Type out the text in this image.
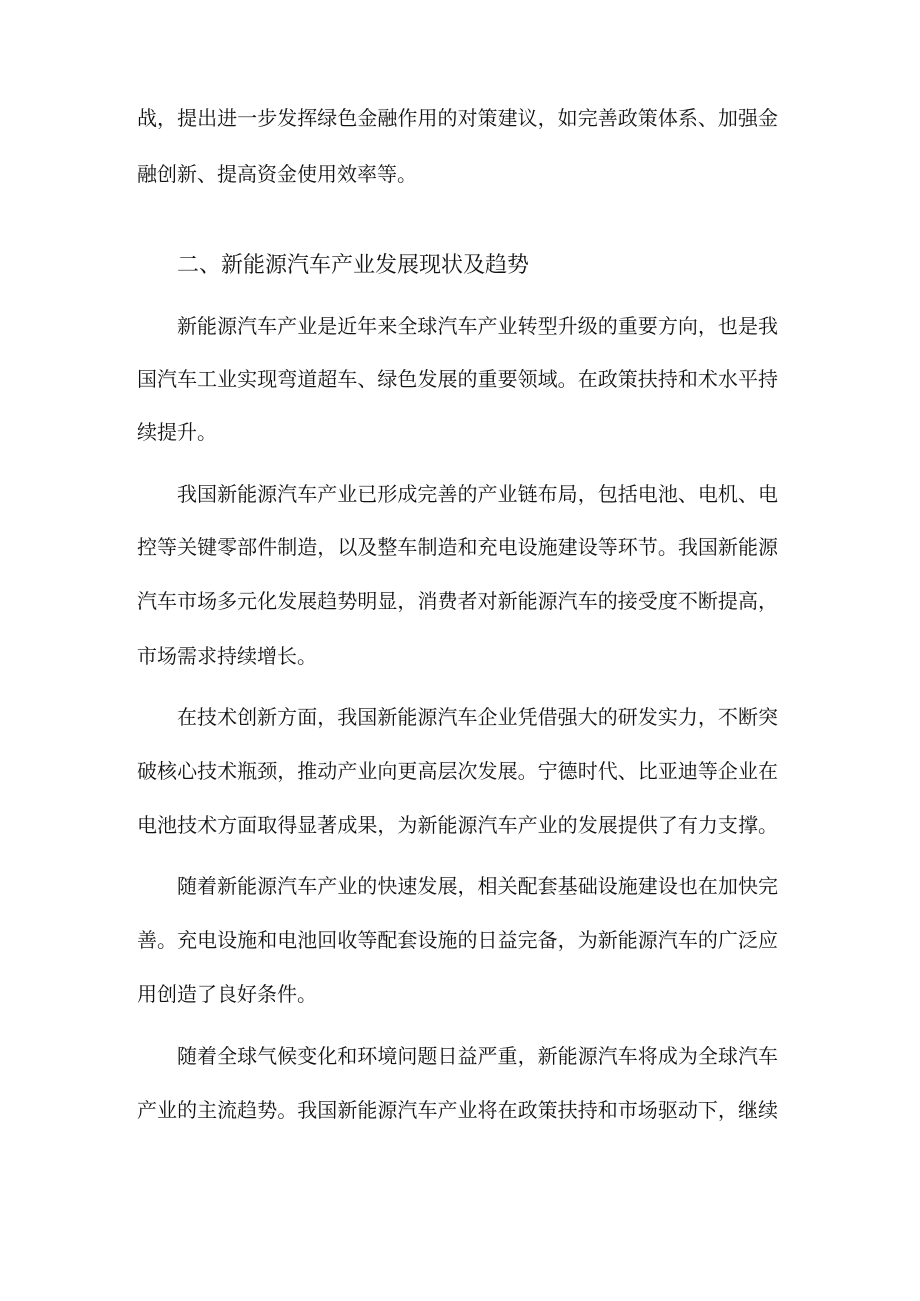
战，提出进一步发挥绿色金融作用的对策建议，如完善政策体系、加强金
融创新、提高资金使用效率等。
二、新能源汽车产业发展现状及趋势
新能源汽车产业是近年来全球汽车产业转型升级的重要方向，也是我
国汽车工业实现弯道超车、绿色发展的重要领域。在政策扶持和术水平持
续提升。
我国新能源汽车产业已形成完善的产业链布局，包括电池、电机、电
控等关键零部件制造，以及整车制造和充电设施建设等环节。我国新能源
汽车市场多元化发展趋势明显，消费者对新能源汽车的接受度不断提高，
市场需求持续增长。
在技术创新方面，我国新能源汽车企业凭借强大的研发实力，不断突
破核心技术瓶颈，推动产业向更高层次发展。宁德时代、比亚迪等企业在
电池技术方面取得显著成果，为新能源汽车产业的发展提供了有力支撑。
随着新能源汽车产业的快速发展，相关配套基础设施建设也在加快完
善。充电设施和电池回收等配套设施的日益完备，为新能源汽车的广泛应
用创造了良好条件。
随着全球气候变化和环境问题日益严重，新能源汽车将成为全球汽车
产业的主流趋势。我国新能源汽车产业将在政策扶持和市场驱动下，继续
